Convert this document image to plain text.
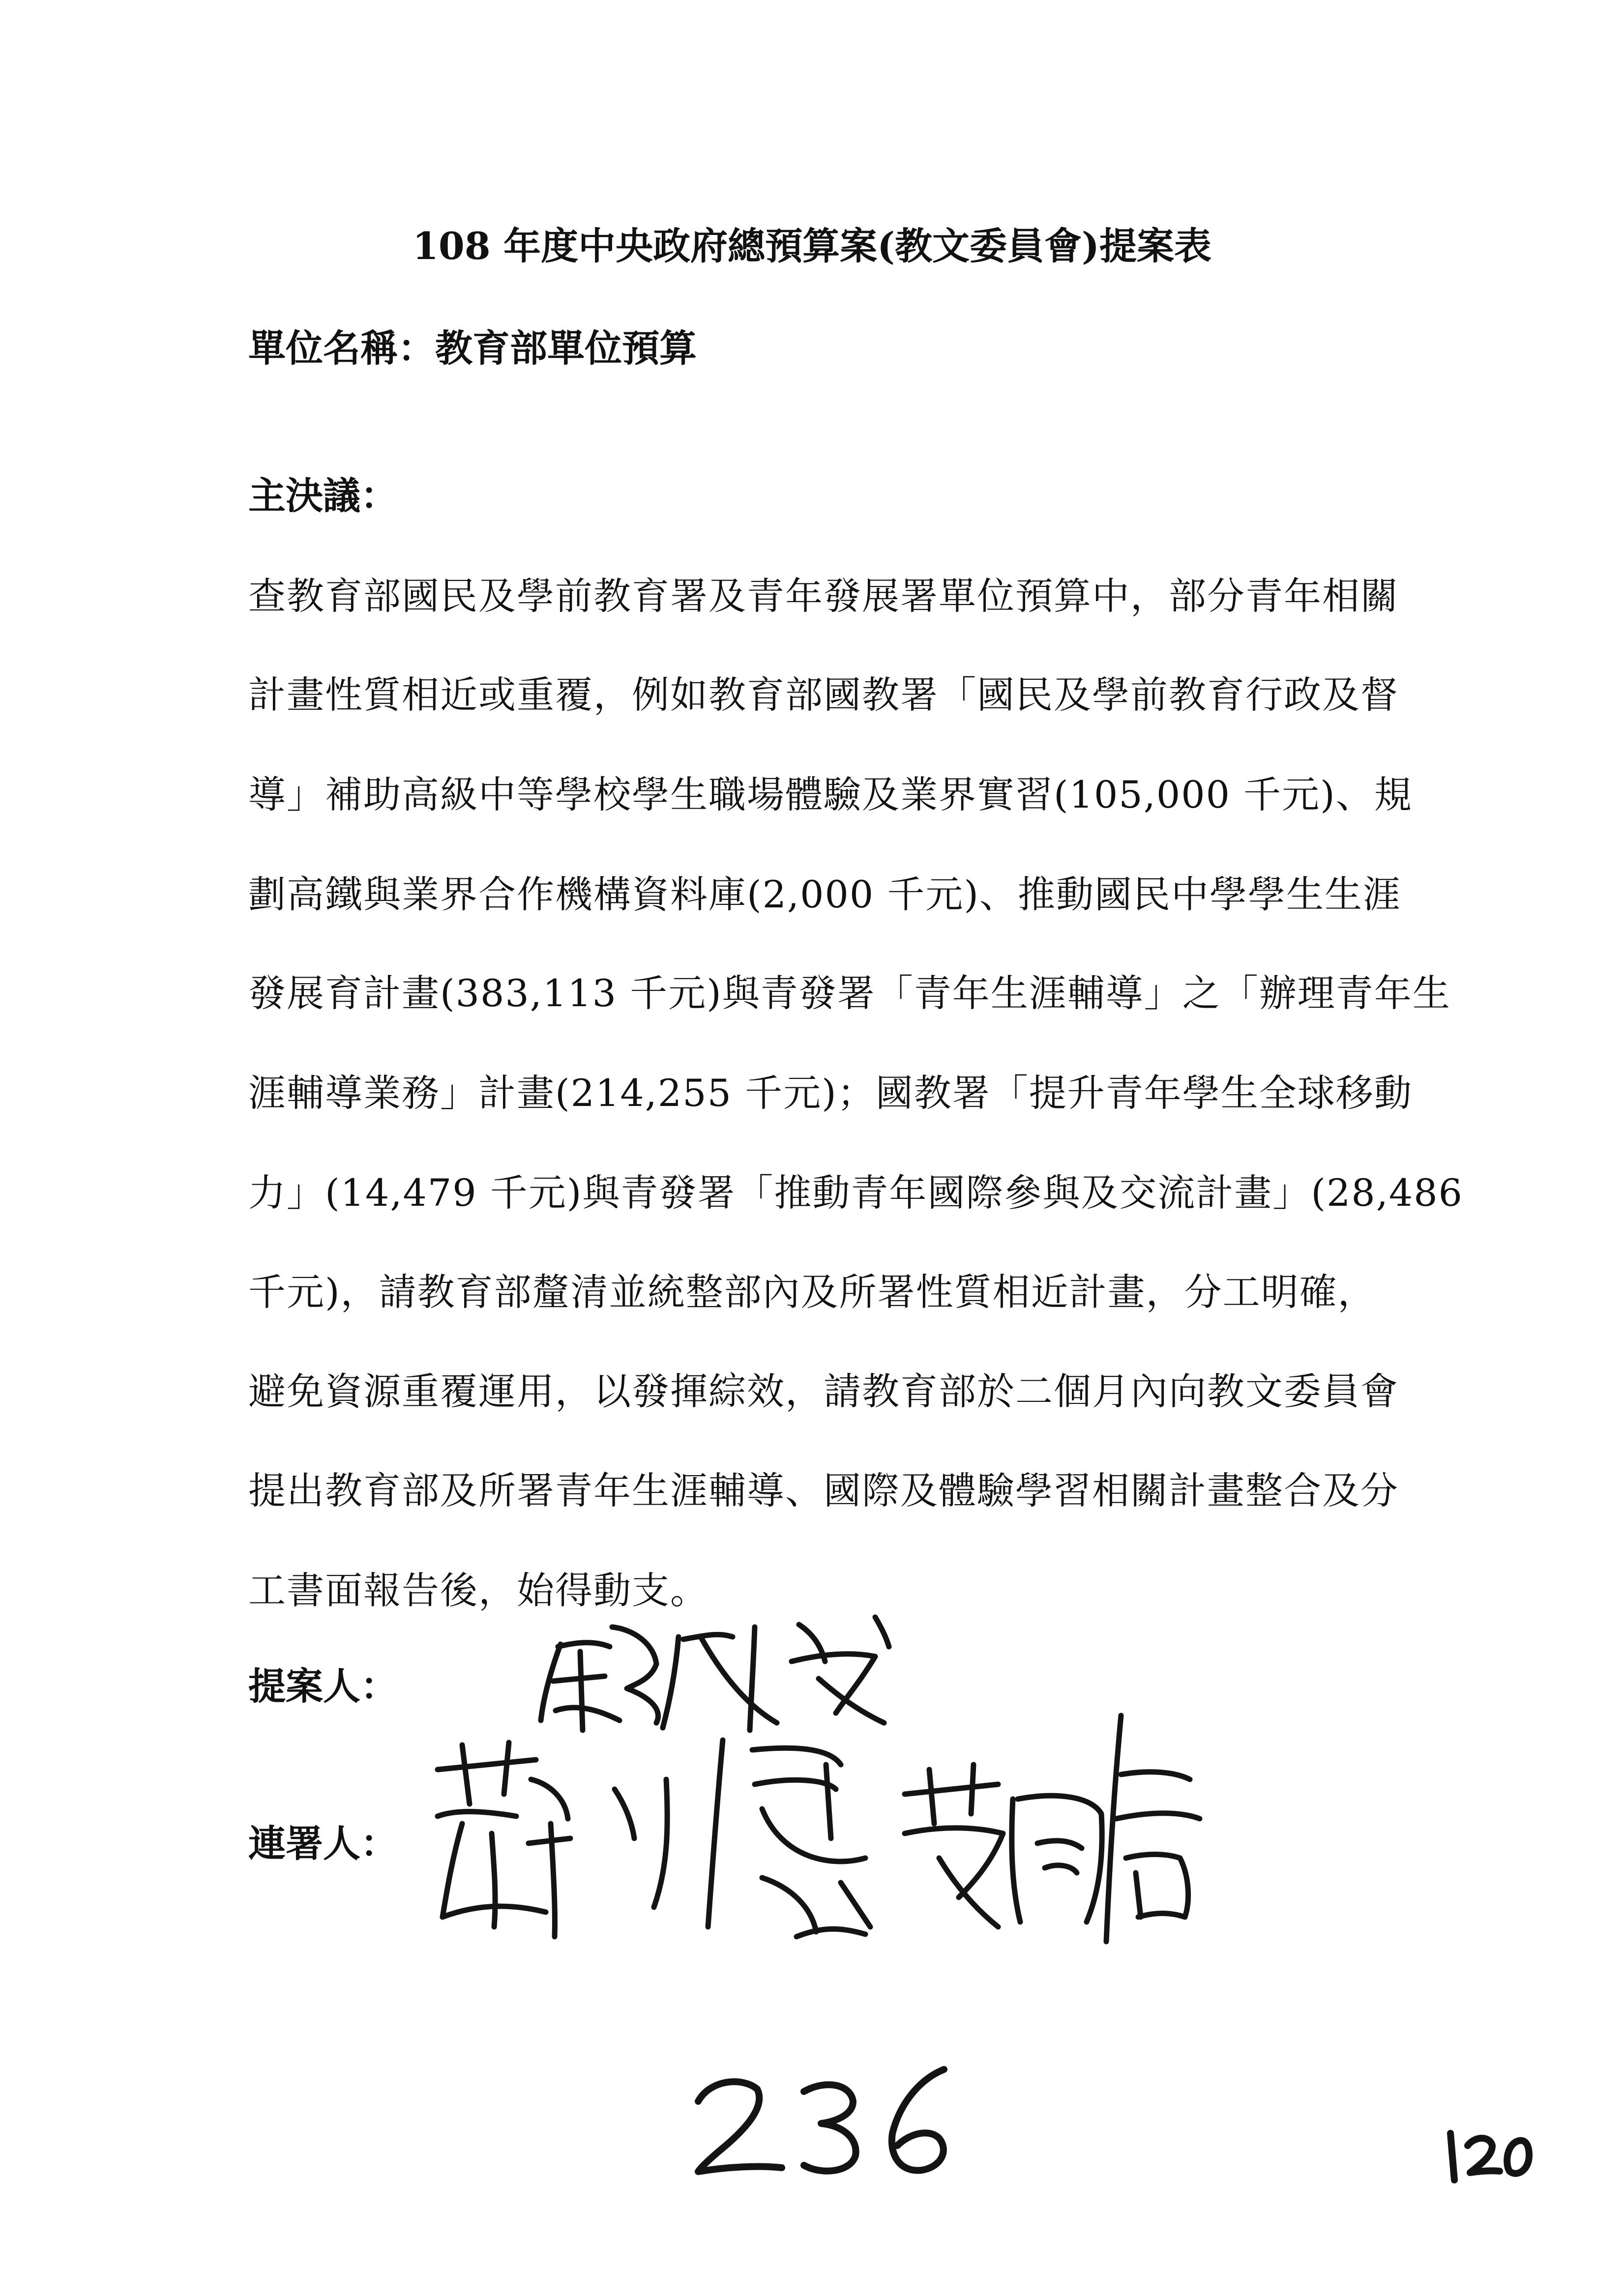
108 年度中央政府總預算案(教文委員會)提案表
單位名稱：教育部單位預算
主決議：
查教育部國民及學前教育署及青年發展署單位預算中，部分青年相關
計畫性質相近或重覆，例如教育部國教署「國民及學前教育行政及督
導」補助高級中等學校學生職場體驗及業界實習(105,000 千元)、規
劃高鐵與業界合作機構資料庫(2,000 千元)、推動國民中學學生生涯
發展育計畫(383,113 千元)與青發署「青年生涯輔導」之「辦理青年生
涯輔導業務」計畫(214,255 千元)；國教署「提升青年學生全球移動
力」(14,479 千元)與青發署「推動青年國際參與及交流計畫」(28,486
千元)，請教育部釐清並統整部內及所署性質相近計畫，分工明確，
避免資源重覆運用，以發揮綜效，請教育部於二個月內向教文委員會
提出教育部及所署青年生涯輔導、國際及體驗學習相關計畫整合及分
工書面報告後，始得動支。
提案人：
連署人：
